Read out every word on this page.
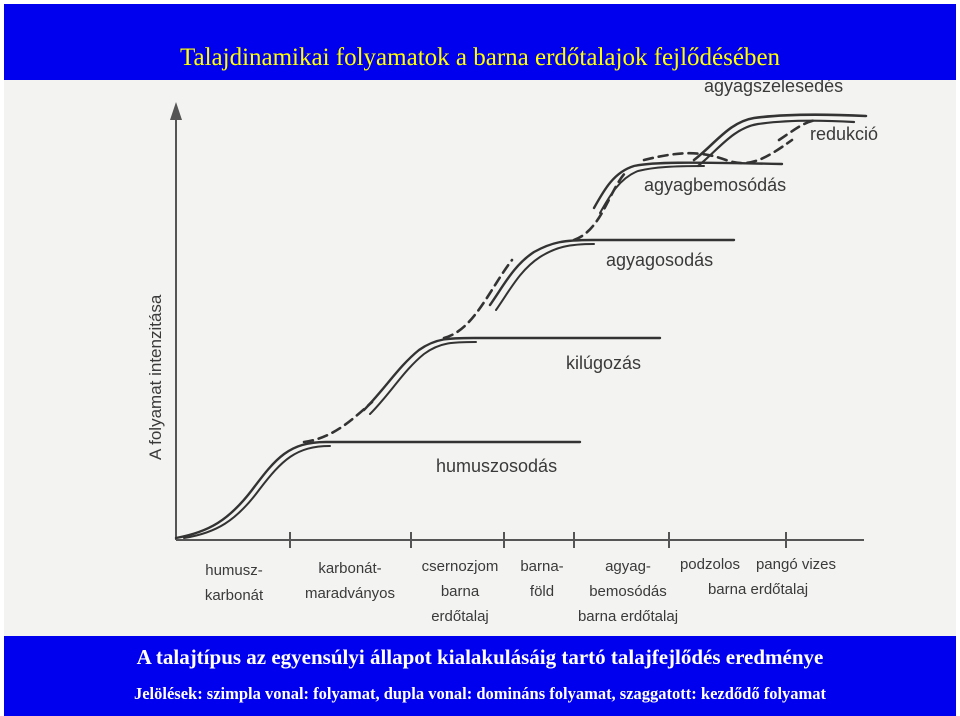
Talajdinamikai folyamatok a barna erdőtalajok fejlődésében
A folyamat intenzitása
humuszosodás
kilúgozás
agyagosodás
agyagbemosódás
agyagszelesedés
redukció
humusz-
karbonát
karbonát-
maradványos
csernozjom
barna
erdőtalaj
barna-
föld
agyag-
bemosódás
barna erdőtalaj
podzolos
barna erdőtalaj
pangó vizes
A talajtípus az egyensúlyi állapot kialakulásáig tartó talajfejlődés eredménye
Jelölések: szimpla vonal: folyamat, dupla vonal: domináns folyamat, szaggatott: kezdődő folyamat
